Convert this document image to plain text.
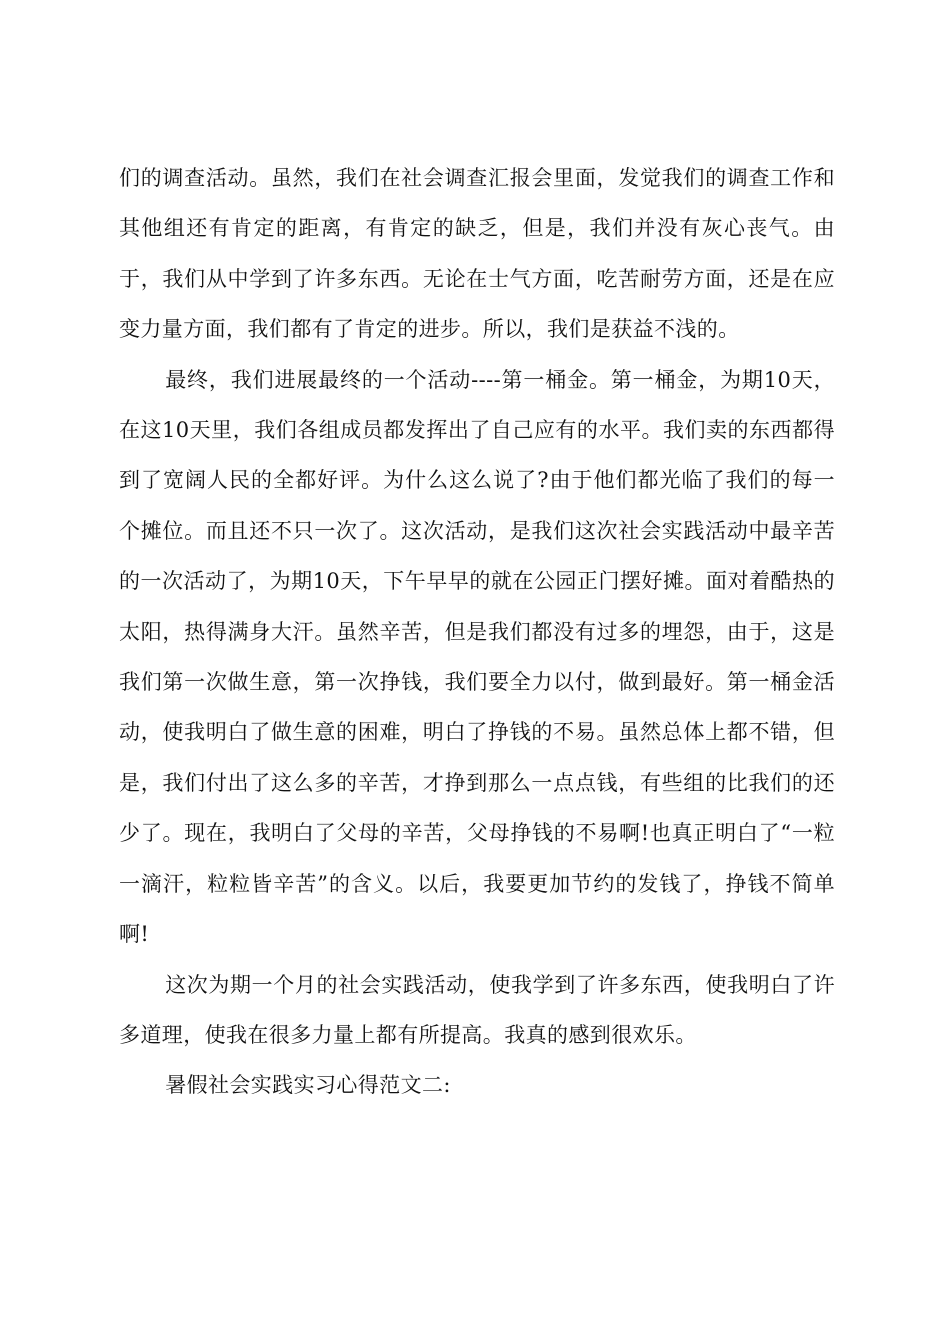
们的调查活动。虽然，我们在社会调查汇报会里面，发觉我们的调查工作和其他组还有肯定的距离，有肯定的缺乏，但是，我们并没有灰心丧气。由于，我们从中学到了许多东西。无论在士气方面，吃苦耐劳方面，还是在应变力量方面，我们都有了肯定的进步。所以，我们是获益不浅的。

最终，我们进展最终的一个活动----第一桶金。第一桶金，为期10天，在这10天里，我们各组成员都发挥出了自己应有的水平。我们卖的东西都得到了宽阔人民的全都好评。为什么这么说了?由于他们都光临了我们的每一个摊位。而且还不只一次了。这次活动，是我们这次社会实践活动中最辛苦的一次活动了，为期10天，下午早早的就在公园正门摆好摊。面对着酷热的太阳，热得满身大汗。虽然辛苦，但是我们都没有过多的埋怨，由于，这是我们第一次做生意，第一次挣钱，我们要全力以付，做到最好。第一桶金活动，使我明白了做生意的困难，明白了挣钱的不易。虽然总体上都不错，但是，我们付出了这么多的辛苦，才挣到那么一点点钱，有些组的比我们的还少了。现在，我明白了父母的辛苦，父母挣钱的不易啊!也真正明白了“一粒一滴汗，粒粒皆辛苦”的含义。以后，我要更加节约的发钱了，挣钱不简单啊!

这次为期一个月的社会实践活动，使我学到了许多东西，使我明白了许多道理，使我在很多力量上都有所提高。我真的感到很欢乐。

暑假社会实践实习心得范文二:
